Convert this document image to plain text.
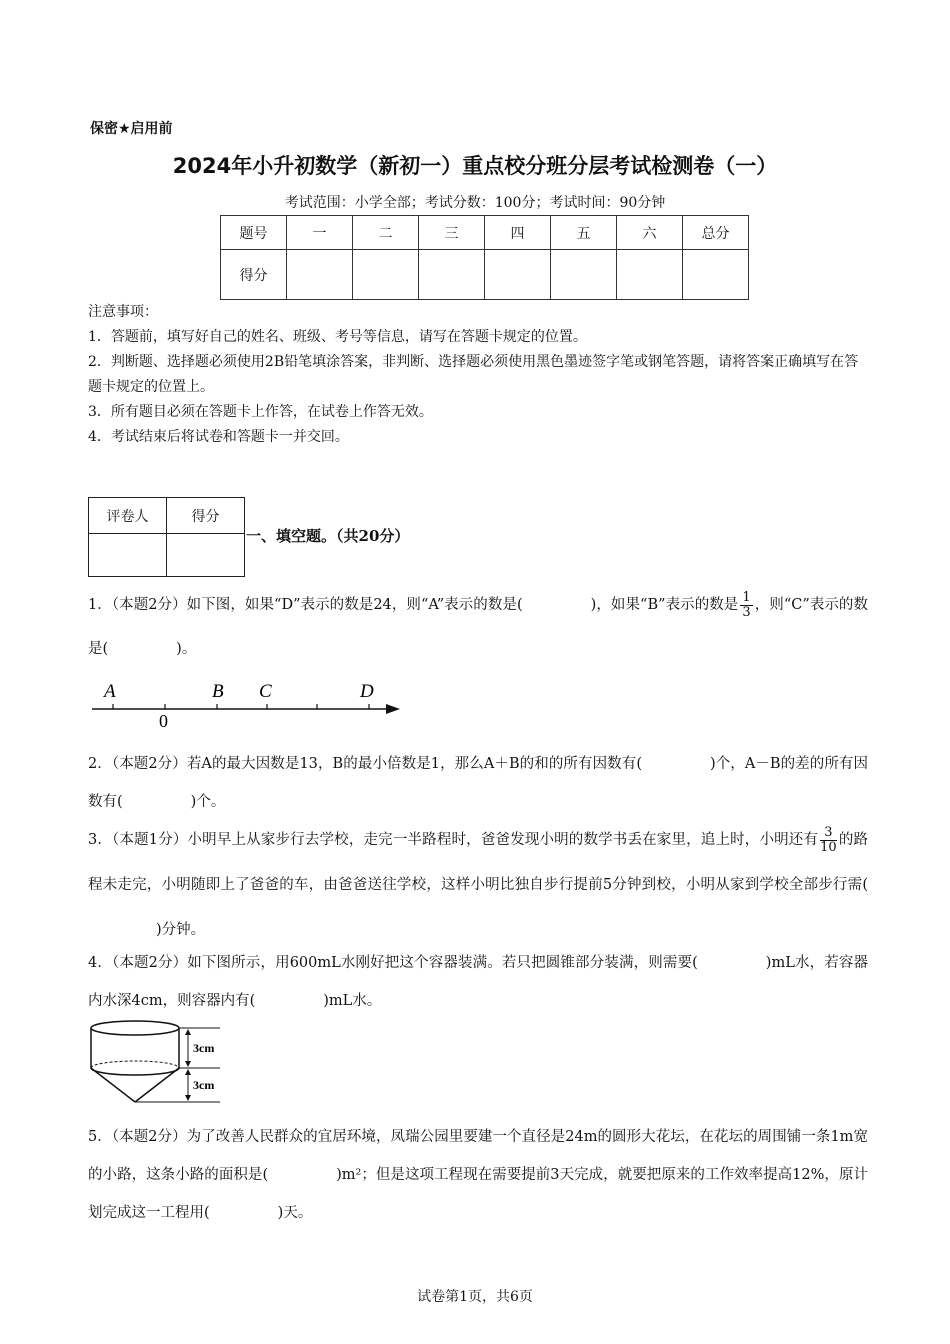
保密★启用前
2024年小升初数学（新初一）重点校分班分层考试检测卷（一）
考试范围：小学全部；考试分数：100分；考试时间：90分钟
题号	一	二	三	四	五	六	总分
得分							
注意事项：
1．答题前，填写好自己的姓名、班级、考号等信息，请写在答题卡规定的位置。
2．判断题、选择题必须使用2B铅笔填涂答案，非判断、选择题必须使用黑色墨迹签字笔或钢笔答题，请将答案正确填写在答题卡规定的位置上。
3．所有题目必须在答题卡上作答，在试卷上作答无效。
4．考试结束后将试卷和答题卡一并交回。
评卷人	得分

一、填空题。（共20分）
1．（本题2分）如下图，如果“D”表示的数是24，则“A”表示的数是(	)，如果“B”表示的数是 $\frac{1}{3}$ ，则“C”表示的数是(	)。
A	B C	D
0
2．（本题2分）若A的最大因数是13，B的最小倍数是1，那么A＋B的和的所有因数有(	)个，A－B的差的所有因数有(	)个。
3．（本题1分）小明早上从家步行去学校，走完一半路程时，爸爸发现小明的数学书丢在家里，追上时，小明还有 $\frac{3}{10}$ 的路程未走完，小明随即上了爸爸的车，由爸爸送往学校，这样小明比独自步行提前5分钟到校，小明从家到学校全部步行需()分钟。
4．（本题2分）如下图所示，用600mL水刚好把这个容器装满。若只把圆锥部分装满，则需要(	)mL水，若容器内水深4cm，则容器内有(	)mL水。
3cm
3cm
5．（本题2分）为了改善人民群众的宜居环境，凤瑞公园里要建一个直径是24m的圆形大花坛，在花坛的周围铺一条1m宽的小路，这条小路的面积是(	)m²；但是这项工程现在需要提前3天完成，就要把原来的工作效率提高12%，原计划完成这一工程用(	)天。
试卷第1页，共6页
